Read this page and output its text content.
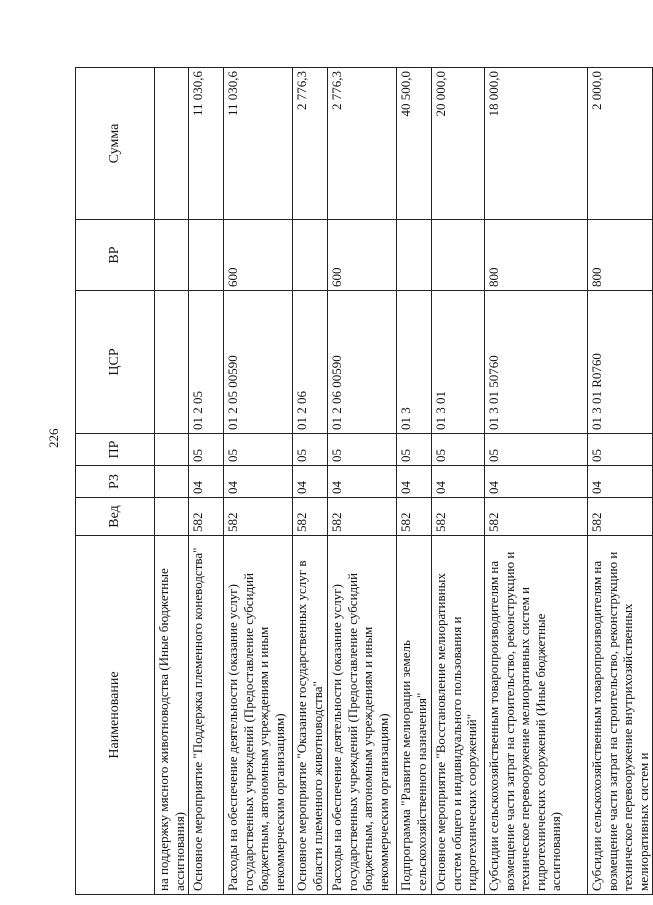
226
Наименование	Вед	РЗ	ПР	ЦСР	ВР	Сумма
на поддержку мясного животноводства (Иные бюджетные ассигнования)						
Основное мероприятие "Поддержка племенного коневодства"	582	04	05	01 2 05		11 030,6
Расходы на обеспечение деятельности (оказание услуг) государственных учреждений (Предоставление субсидий бюджетным, автономным учреждениям и иным некоммерческим организациям)	582	04	05	01 2 05 00590	600	11 030,6
Основное мероприятие "Оказание государственных услуг в области племенного животноводства"	582	04	05	01 2 06		2 776,3
Расходы на обеспечение деятельности (оказание услуг) государственных учреждений (Предоставление субсидий бюджетным, автономным учреждениям и иным некоммерческим организациям)	582	04	05	01 2 06 00590	600	2 776,3
Подпрограмма "Развитие мелиорации земель сельскохозяйственного назначения"	582	04	05	01 3		40 500,0
Основное мероприятие "Восстановление мелиоративных систем общего и индивидуального пользования и гидротехнических сооружений"	582	04	05	01 3 01		20 000,0
Субсидии сельскохозяйственным товаропроизводителям на возмещение части затрат на строительство, реконструкцию и техническое перевооружение мелиоративных систем и гидротехнических сооружений (Иные бюджетные ассигнования)	582	04	05	01 3 01 50760	800	18 000,0
Субсидии сельскохозяйственным товаропроизводителям на возмещение части затрат на строительство, реконструкцию и техническое перевооружение внутрихозяйственных мелиоративных систем и	582	04	05	01 3 01 R0760	800	2 000,0
